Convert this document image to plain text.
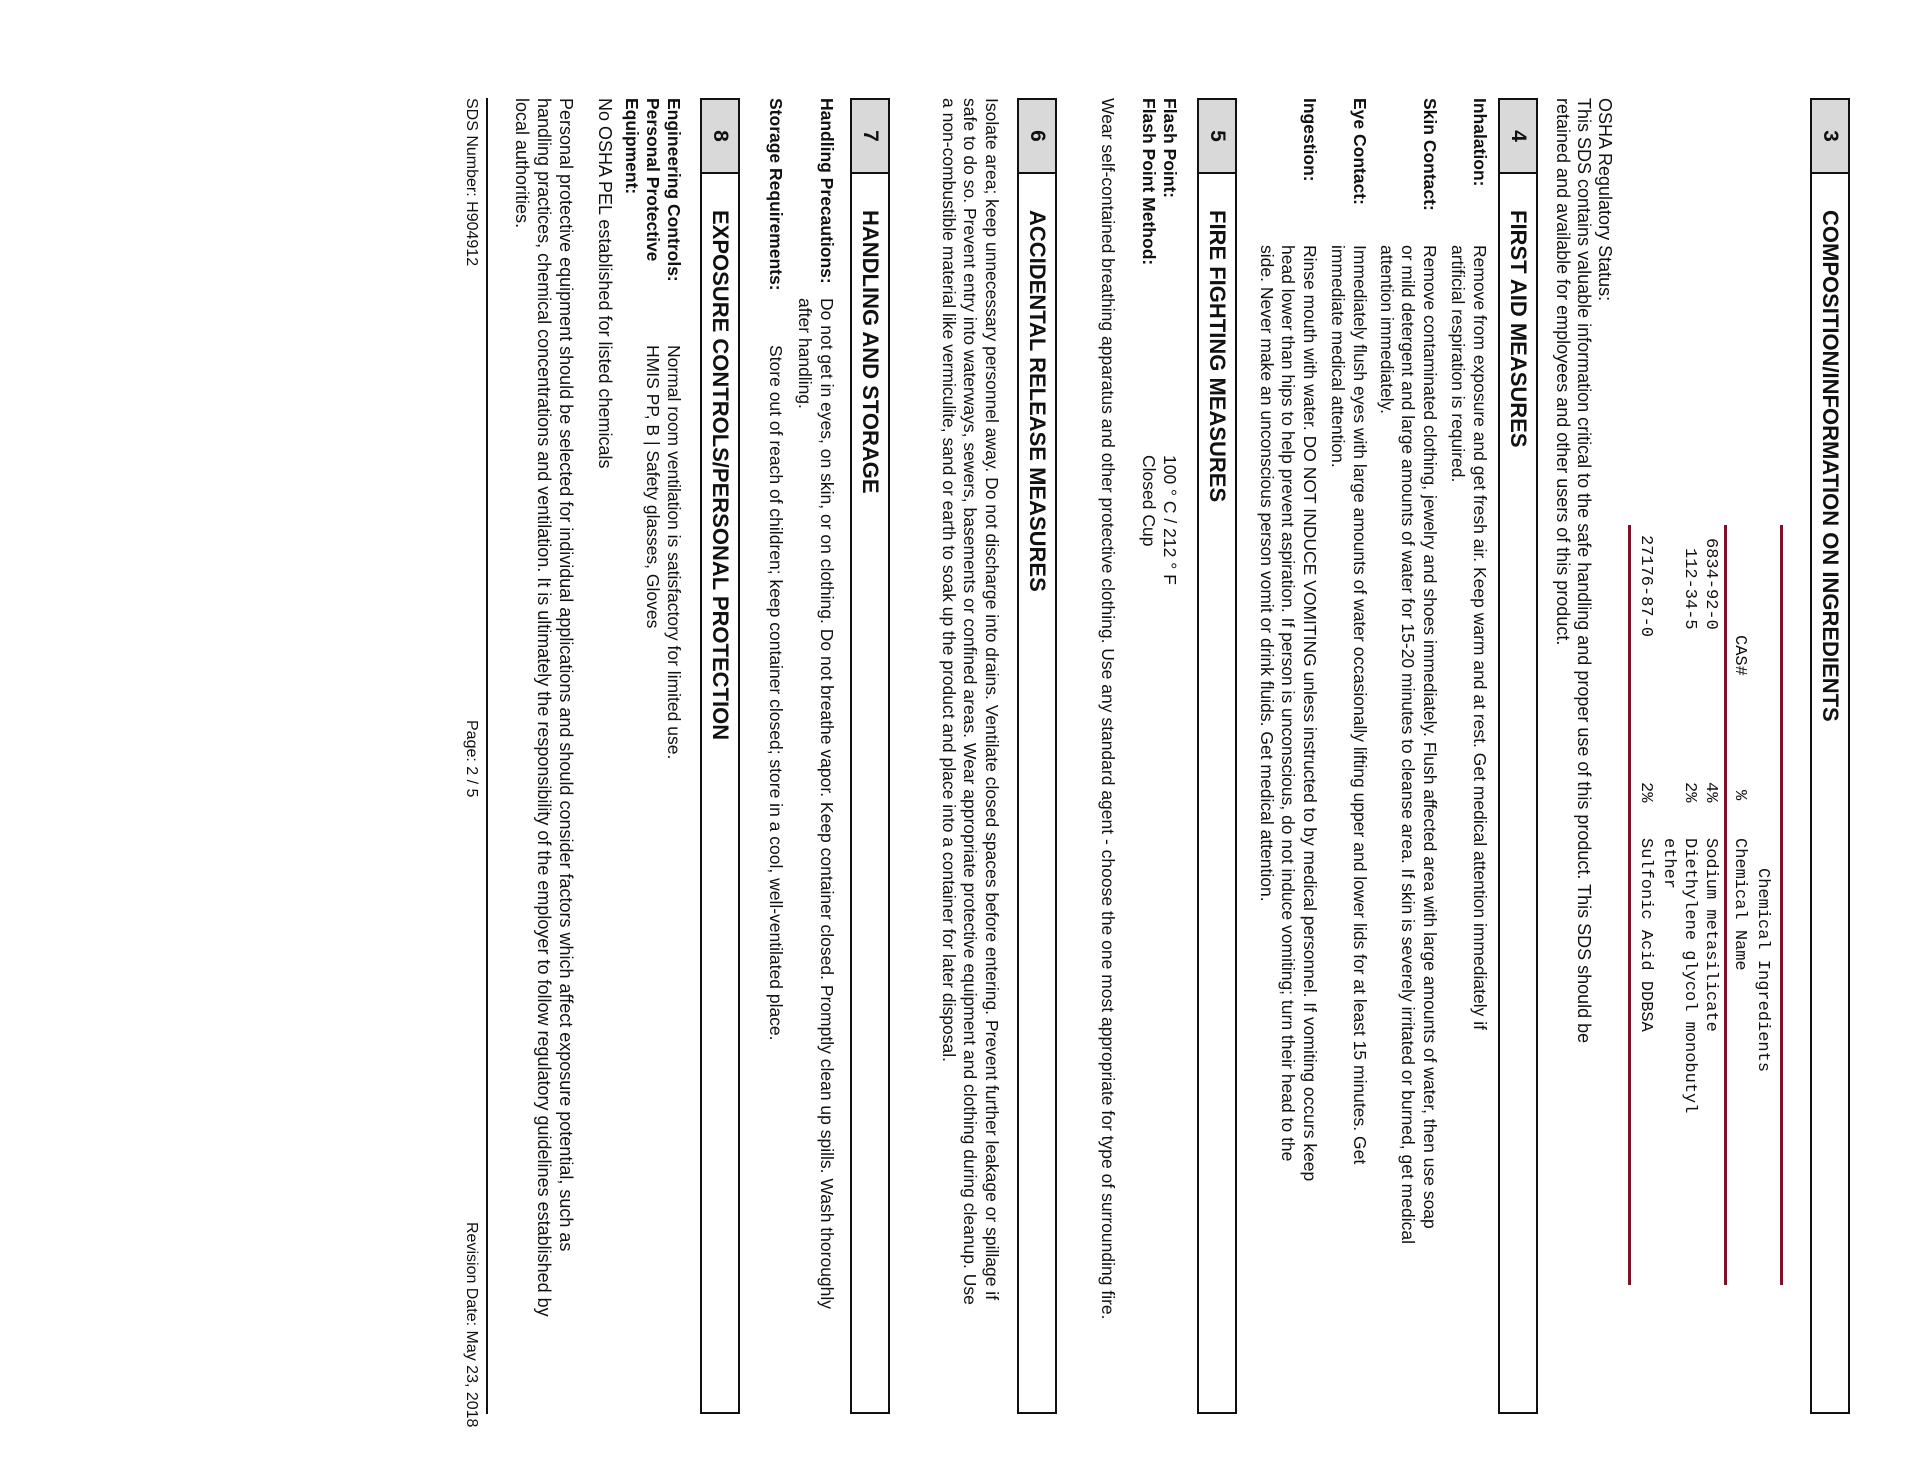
3
COMPOSITION/INFORMATION ON INGREDIENTS
Chemical Ingredients
CAS#
%
Chemical Name
6834-92-0
4%
Sodium metasilicate
112-34-5
2%
Diethylene glycol monobutyl
ether
27176-87-0
2%
Sulfonic Acid DDBSA
OSHA Regulatory Status:
This SDS contains valuable information critical to the safe handling and proper use of this product. This SDS should be
retained and available for employees and other users of this product.
4
FIRST AID MEASURES
Inhalation:
Remove from exposure and get fresh air. Keep warm and at rest. Get medical attention immediately if artificial respiration is required.
Skin Contact:
Remove contaminated clothing, jewelry and shoes immediately. Flush affected area with large amounts of water, then use soap or mild detergent and large amounts of water for 15-20 minutes to cleanse area. If skin is severely irritated or burned, get medical attention immediately.
Eye Contact:
Immediately flush eyes with large amounts of water occasionally lifting upper and lower lids for at least 15 minutes. Get immediate medical attention.
Ingestion:
Rinse mouth with water. DO NOT INDUCE VOMITING unless instructed to by medical personnel. If vomiting occurs keep head lower than hips to help prevent aspiration. If person is unconscious, do not induce vomiting; turn their head to the side. Never make an unconscious person vomit or drink fluids. Get medical attention.
5
FIRE FIGHTING MEASURES
Flash Point:
100 ° C / 212 ° F
Flash Point Method:
Closed Cup
Wear self-contained breathing apparatus and other protective clothing. Use any standard agent - choose the one most appropriate for type of surrounding fire.
6
ACCIDENTAL RELEASE MEASURES
Isolate area; keep unnecessary personnel away. Do not discharge into drains. Ventilate closed spaces before entering. Prevent further leakage or spillage if safe to do so. Prevent entry into waterways, sewers, basements or confined areas. Wear appropriate protective equipment and clothing during cleanup. Use a non-combustible material like vermiculite, sand or earth to soak up the product and place into a container for later disposal.
7
HANDLING AND STORAGE
Handling Precautions:
Do not get in eyes, on skin, or on clothing. Do not breathe vapor. Keep container closed. Promptly clean up spills. Wash thoroughly after handling.
Storage Requirements:
Store out of reach of children; keep container closed; store in a cool, well-ventilated place.
8
EXPOSURE CONTROLS/PERSONAL PROTECTION
Engineering Controls:
Normal room ventilation is satisfactory for limited use.
Personal Protective
HMIS PP, B | Safety glasses, Gloves
Equipment:
No OSHA PEL established for listed chemicals
Personal protective equipment should be selected for individual applications and should consider factors which affect exposure potential, such as handling practices, chemical concentrations and ventilation. It is ultimately the responsibility of the employer to follow regulatory guidelines established by local authorities.
SDS Number: H904912
Page: 2 / 5
Revision Date: May 23, 2018
